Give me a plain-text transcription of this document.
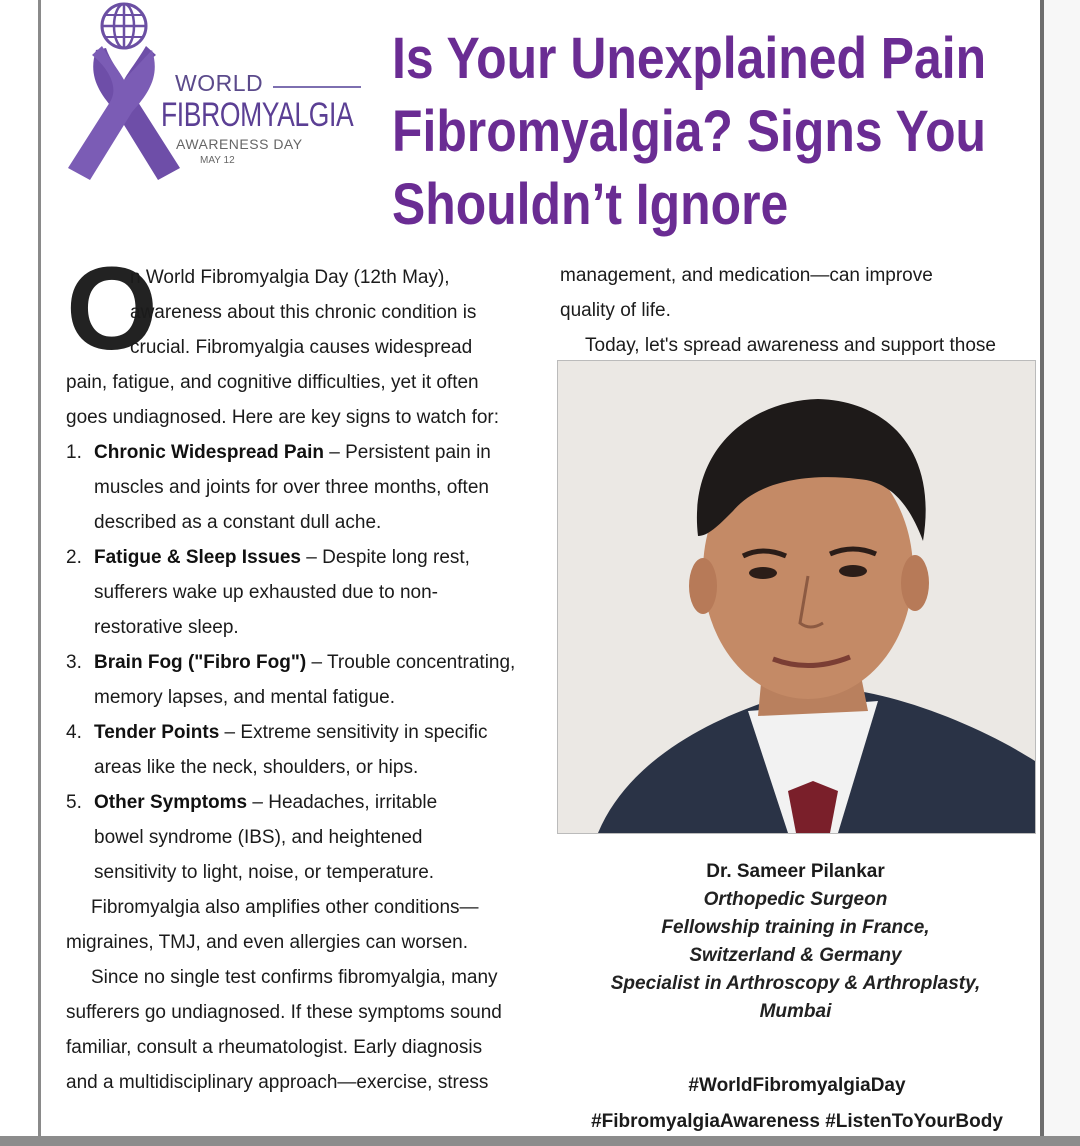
WORLD
FIBROMYALGIA
AWARENESS DAY
MAY 12
Is Your Unexplained Pain
Fibromyalgia? Signs You
Shouldn’t Ignore
O
n World Fibromyalgia Day (12th May),
awareness about this chronic condition is
crucial. Fibromyalgia causes widespread
pain, fatigue, and cognitive difficulties, yet it often
goes undiagnosed. Here are key signs to watch for:
1. Chronic Widespread Pain – Persistent pain in
muscles and joints for over three months, often
described as a constant dull ache.
2. Fatigue & Sleep Issues – Despite long rest,
sufferers wake up exhausted due to non-
restorative sleep.
3. Brain Fog ("Fibro Fog") – Trouble concentrating,
memory lapses, and mental fatigue.
4. Tender Points – Extreme sensitivity in specific
areas like the neck, shoulders, or hips.
5. Other Symptoms – Headaches, irritable
bowel syndrome (IBS), and heightened
sensitivity to light, noise, or temperature.
Fibromyalgia also amplifies other conditions—
migraines, TMJ, and even allergies can worsen.
Since no single test confirms fibromyalgia, many
sufferers go undiagnosed. If these symptoms sound
familiar, consult a rheumatologist. Early diagnosis
and a multidisciplinary approach—exercise, stress
management, and medication—can improve
quality of life.
Today, let's spread awareness and support those
Dr. Sameer Pilankar
Orthopedic Surgeon
Fellowship training in France,
Switzerland & Germany
Specialist in Arthroscopy & Arthroplasty,
Mumbai
#WorldFibromyalgiaDay
#FibromyalgiaAwareness #ListenToYourBody
